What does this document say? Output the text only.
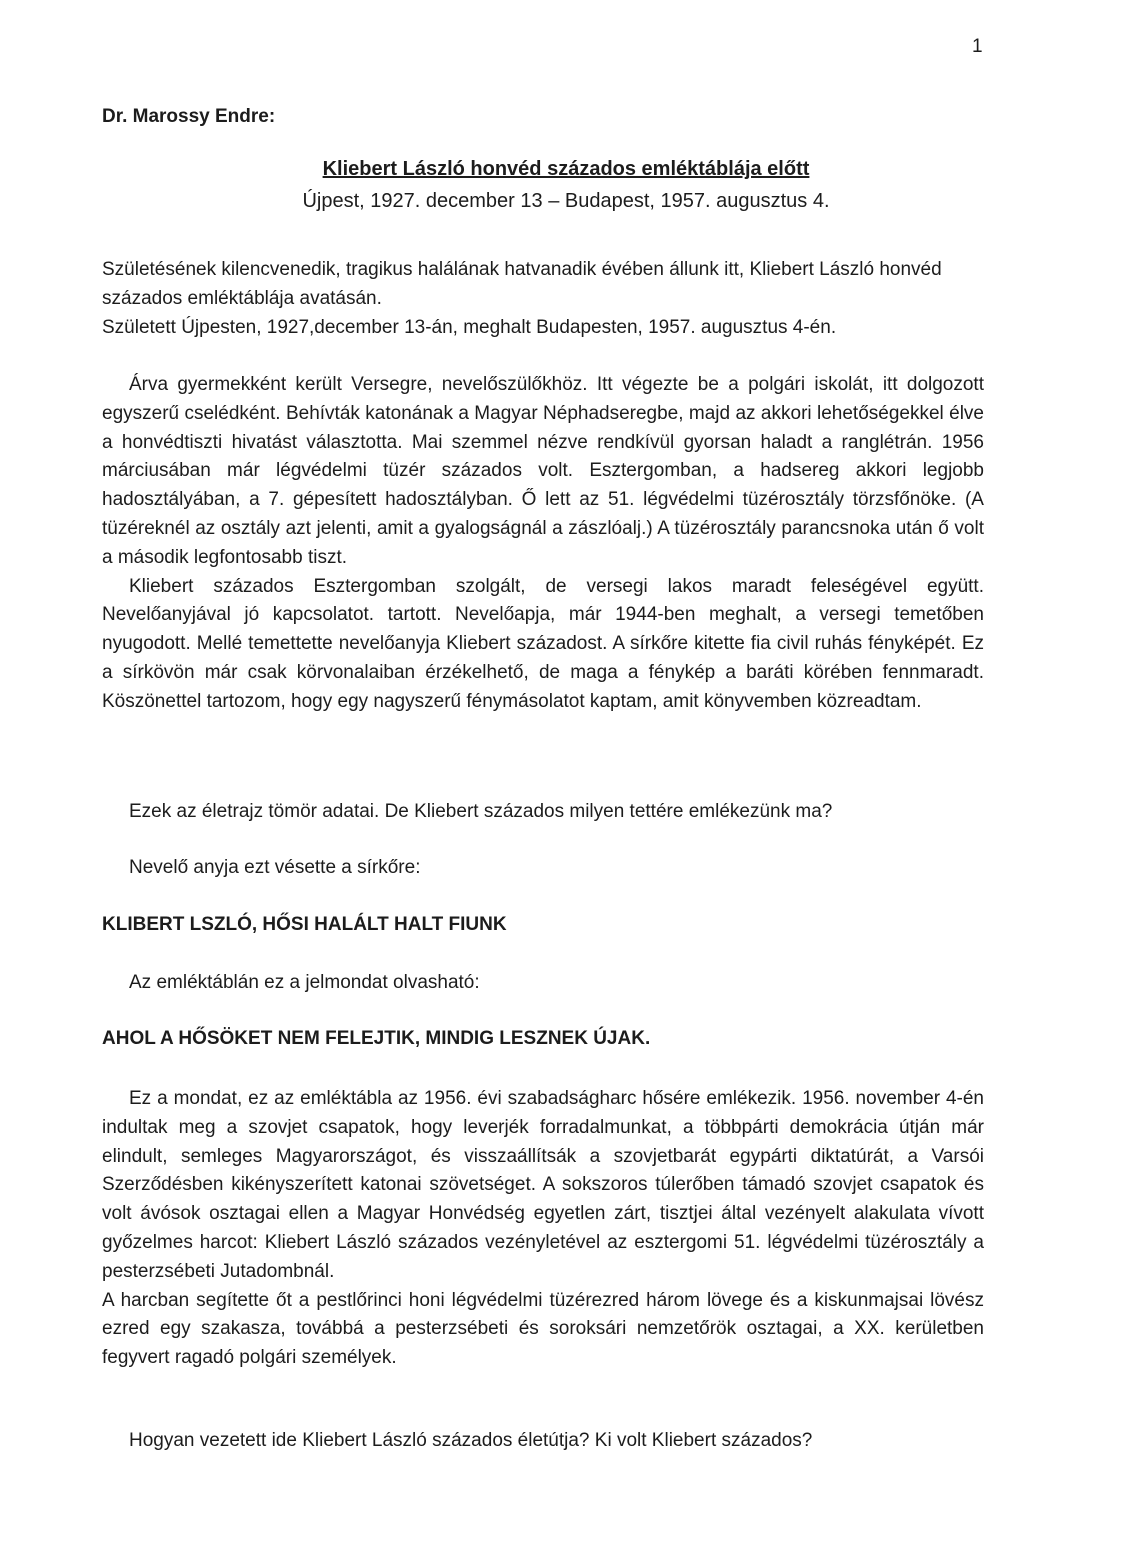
1
Dr. Marossy Endre:
Kliebert László honvéd százados emléktáblája előtt
Újpest, 1927. december 13 – Budapest, 1957. augusztus 4.

Születésének kilencvenedik, tragikus halálának hatvanadik évében állunk itt, Kliebert László honvéd százados emléktáblája avatásán.

Született Újpesten, 1927,december 13-án, meghalt Budapesten, 1957. augusztus 4-én.

Árva gyermekként került Versegre, nevelőszülőkhöz. Itt végezte be a polgári iskolát, itt dolgozott egyszerű cselédként. Behívták katonának a Magyar Néphadseregbe, majd az akkori lehetőségekkel élve a honvédtiszti hivatást választotta. Mai szemmel nézve rendkívül gyorsan haladt a ranglétrán. 1956 márciusában már légvédelmi tüzér százados volt. Esztergomban, a hadsereg akkori legjobb hadosztályában, a 7. gépesített hadosztályban. Ő lett az 51. légvédelmi tüzérosztály törzsfőnöke. (A tüzéreknél az osztály azt jelenti, amit a gyalogságnál a zászlóalj.) A tüzérosztály parancsnoka után ő volt a második legfontosabb tiszt.

Kliebert százados Esztergomban szolgált, de versegi lakos maradt feleségével együtt. Nevelőanyjával jó kapcsolatot. tartott. Nevelőapja, már 1944-ben meghalt, a versegi temetőben nyugodott. Mellé temettette nevelőanyja Kliebert századost. A sírkőre kitette fia civil ruhás fényképét. Ez a sírkövön már csak körvonalaiban érzékelhető, de maga a fénykép a baráti körében fennmaradt. Köszönettel tartozom, hogy egy nagyszerű fénymásolatot kaptam, amit könyvemben közreadtam.

Ezek az életrajz tömör adatai. De Kliebert százados milyen tettére emlékezünk ma?
Nevelő anyja ezt vésette a sírkőre:
KLIBERT LSZLÓ, HŐSI HALÁLT HALT FIUNK
Az emléktáblán ez a jelmondat olvasható:
AHOL A HŐSÖKET NEM FELEJTIK, MINDIG LESZNEK ÚJAK.

Ez a mondat, ez az emléktábla az 1956. évi szabadságharc hősére emlékezik. 1956. november 4-én indultak meg a szovjet csapatok, hogy leverjék forradalmunkat, a többpárti demokrácia útján már elindult, semleges Magyarországot, és visszaállítsák a szovjetbarát egypárti diktatúrát, a Varsói Szerződésben kikényszerített katonai szövetséget. A sokszoros túlerőben támadó szovjet csapatok és volt ávósok osztagai ellen a Magyar Honvédség egyetlen zárt, tisztjei által vezényelt alakulata vívott győzelmes harcot: Kliebert László százados vezényletével az esztergomi 51. légvédelmi tüzérosztály a pesterzsébeti Jutadombnál.

A harcban segítette őt a pestlőrinci honi légvédelmi tüzérezred három lövege és a kiskunmajsai lövész ezred egy szakasza, továbbá a pesterzsébeti és soroksári nemzetőrök osztagai, a XX. kerületben fegyvert ragadó polgári személyek.

Hogyan vezetett ide Kliebert László százados életútja? Ki volt Kliebert százados?
